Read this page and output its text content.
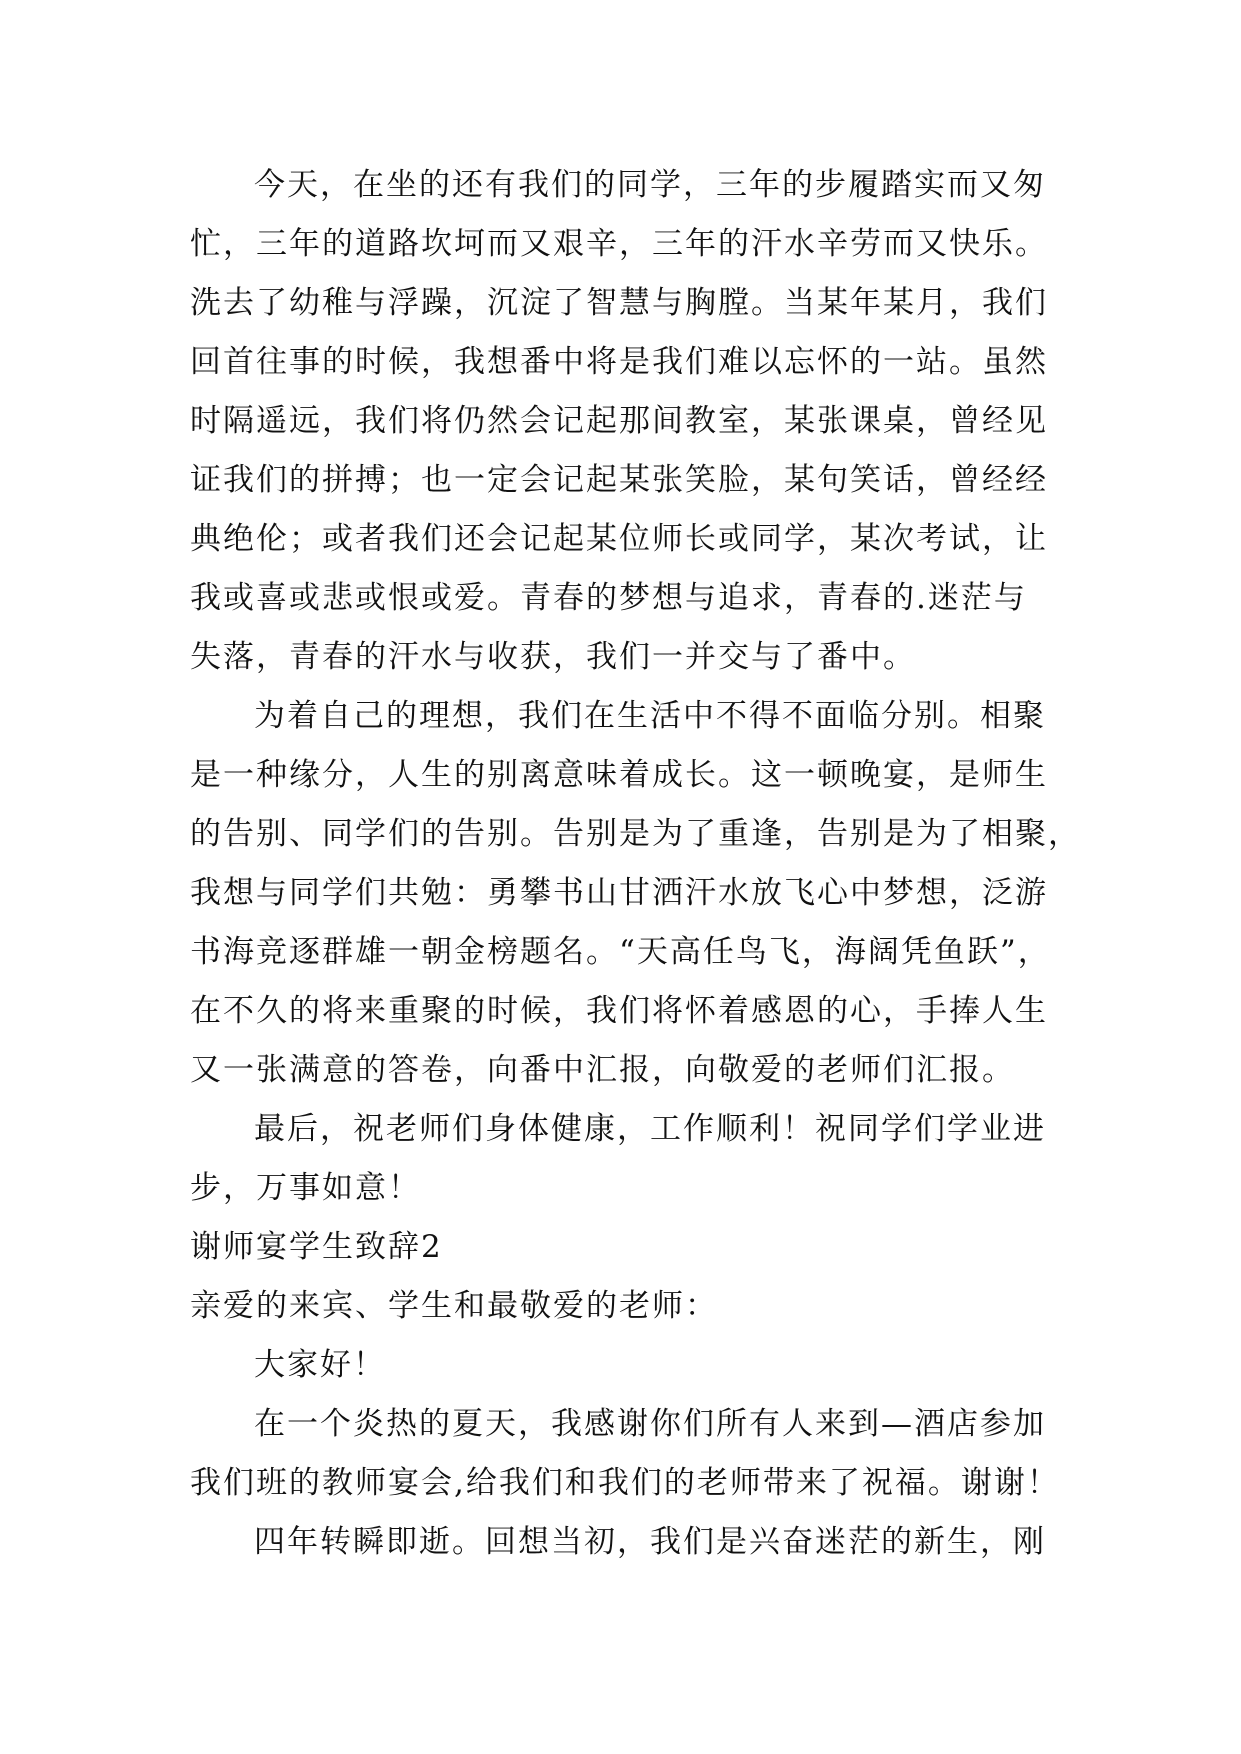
今天，在坐的还有我们的同学，三年的步履踏实而又匆
忙，三年的道路坎坷而又艰辛，三年的汗水辛劳而又快乐。
洗去了幼稚与浮躁，沉淀了智慧与胸膛。当某年某月，我们
回首往事的时候，我想番中将是我们难以忘怀的一站。虽然
时隔遥远，我们将仍然会记起那间教室，某张课桌，曾经见
证我们的拼搏；也一定会记起某张笑脸，某句笑话，曾经经
典绝伦；或者我们还会记起某位师长或同学，某次考试，让
我或喜或悲或恨或爱。青春的梦想与追求，青春的.迷茫与
失落，青春的汗水与收获，我们一并交与了番中。
为着自己的理想，我们在生活中不得不面临分别。相聚
是一种缘分，人生的别离意味着成长。这一顿晚宴，是师生
的告别、同学们的告别。告别是为了重逢，告别是为了相聚，
我想与同学们共勉：勇攀书山甘洒汗水放飞心中梦想，泛游
书海竞逐群雄一朝金榜题名。“天高任鸟飞，海阔凭鱼跃”，
在不久的将来重聚的时候，我们将怀着感恩的心，手捧人生
又一张满意的答卷，向番中汇报，向敬爱的老师们汇报。
最后，祝老师们身体健康，工作顺利！祝同学们学业进
步，万事如意！
谢师宴学生致辞2
亲爱的来宾、学生和最敬爱的老师：
大家好！
在一个炎热的夏天，我感谢你们所有人来到—酒店参加
我们班的教师宴会,给我们和我们的老师带来了祝福。谢谢！
四年转瞬即逝。回想当初，我们是兴奋迷茫的新生，刚
